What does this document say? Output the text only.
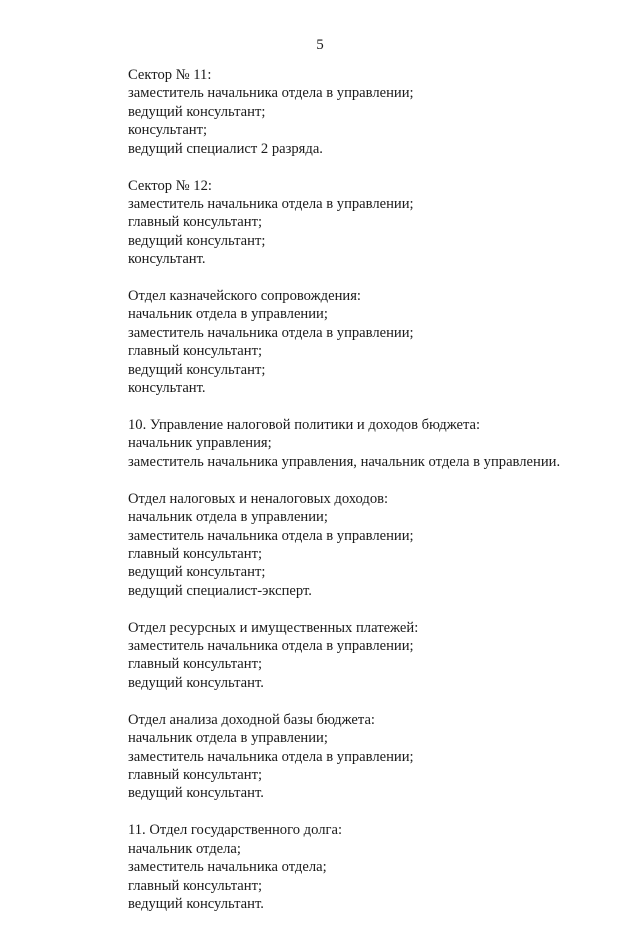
5
Сектор № 11:
заместитель начальника отдела в управлении;
ведущий консультант;
консультант;
ведущий специалист 2 разряда.
Сектор № 12:
заместитель начальника отдела в управлении;
главный консультант;
ведущий консультант;
консультант.
Отдел казначейского сопровождения:
начальник отдела в управлении;
заместитель начальника отдела в управлении;
главный консультант;
ведущий консультант;
консультант.
10. Управление налоговой политики и доходов бюджета:
начальник управления;
заместитель начальника управления, начальник отдела в управлении.
Отдел налоговых и неналоговых доходов:
начальник отдела в управлении;
заместитель начальника отдела в управлении;
главный консультант;
ведущий консультант;
ведущий специалист-эксперт.
Отдел ресурсных и имущественных платежей:
заместитель начальника отдела в управлении;
главный консультант;
ведущий консультант.
Отдел анализа доходной базы бюджета:
начальник отдела в управлении;
заместитель начальника отдела в управлении;
главный консультант;
ведущий консультант.
11. Отдел государственного долга:
начальник отдела;
заместитель начальника отдела;
главный консультант;
ведущий консультант.
